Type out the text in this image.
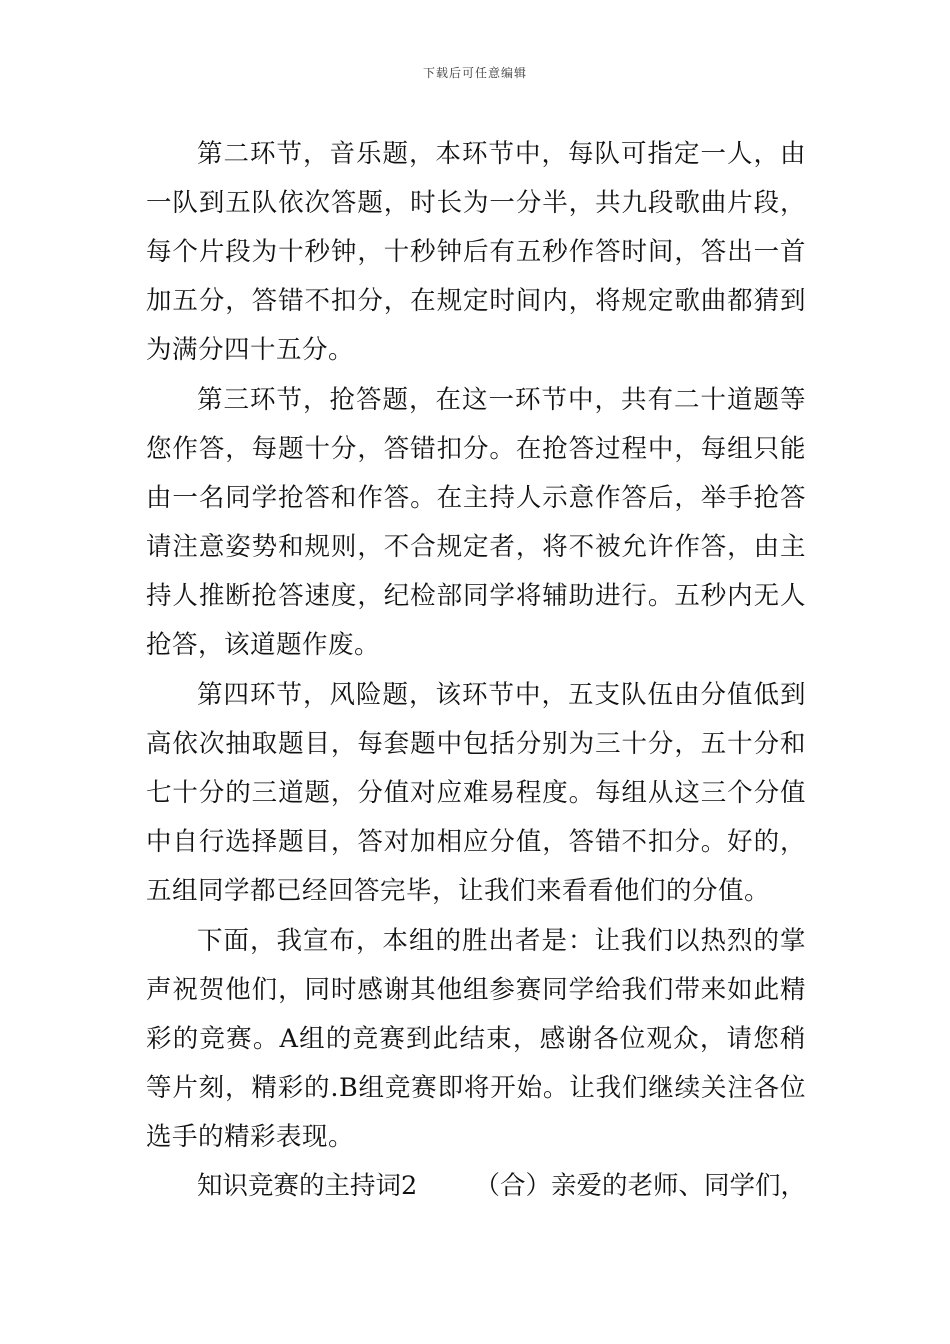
下载后可任意编辑

第二环节，音乐题，本环节中，每队可指定一人，由一队到五队依次答题，时长为一分半，共九段歌曲片段，每个片段为十秒钟，十秒钟后有五秒作答时间，答出一首加五分，答错不扣分，在规定时间内，将规定歌曲都猜到为满分四十五分。

第三环节，抢答题，在这一环节中，共有二十道题等您作答，每题十分，答错扣分。在抢答过程中，每组只能由一名同学抢答和作答。在主持人示意作答后，举手抢答请注意姿势和规则，不合规定者，将不被允许作答，由主持人推断抢答速度，纪检部同学将辅助进行。五秒内无人抢答，该道题作废。

第四环节，风险题，该环节中，五支队伍由分值低到高依次抽取题目，每套题中包括分别为三十分，五十分和七十分的三道题，分值对应难易程度。每组从这三个分值中自行选择题目，答对加相应分值，答错不扣分。好的，五组同学都已经回答完毕，让我们来看看他们的分值。

下面，我宣布，本组的胜出者是：让我们以热烈的掌声祝贺他们，同时感谢其他组参赛同学给我们带来如此精彩的竞赛。A组的竞赛到此结束，感谢各位观众，请您稍等片刻，精彩的.B组竞赛即将开始。让我们继续关注各位选手的精彩表现。

知识竞赛的主持词2 （合）亲爱的老师、同学们，
